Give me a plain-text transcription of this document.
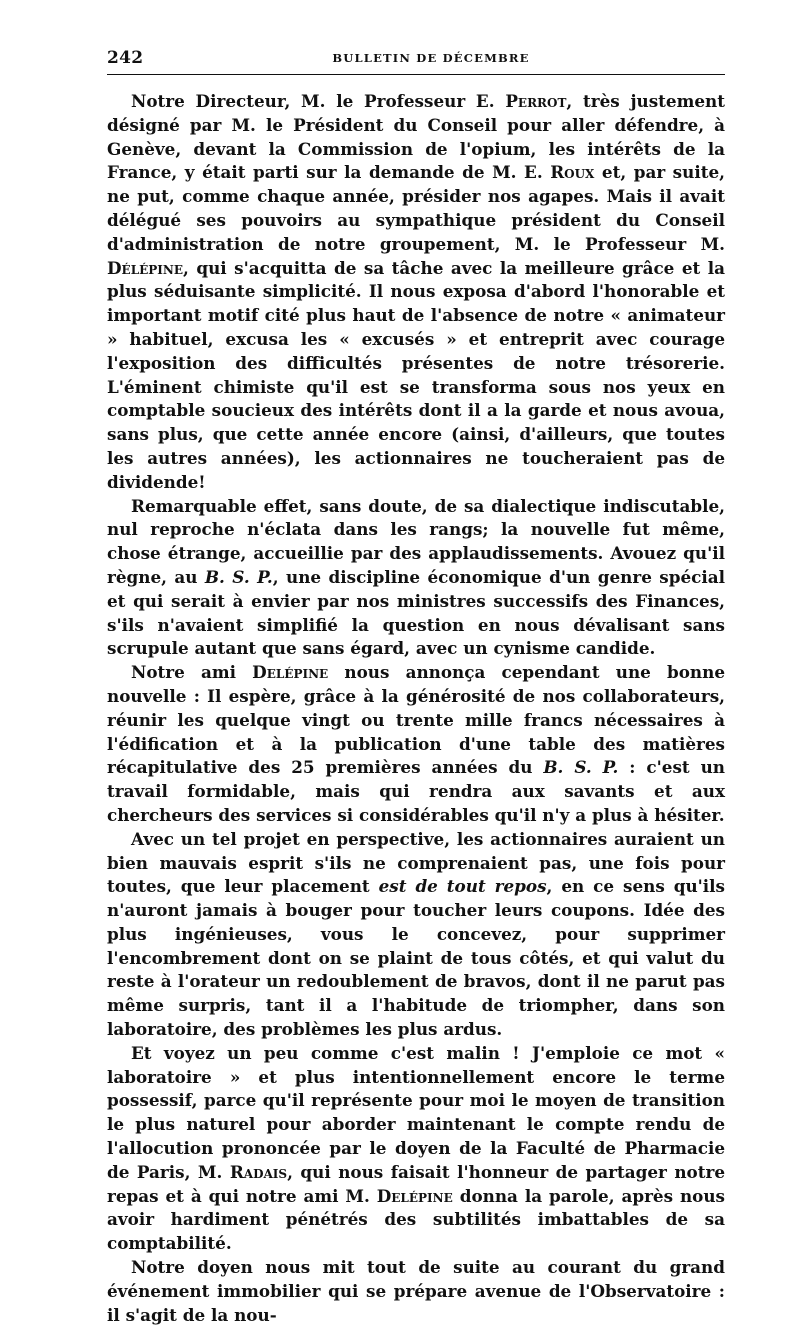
242	BULLETIN DE DÉCEMBRE

Notre Directeur, M. le Professeur E. Perrot, très justement désigné par M. le Président du Conseil pour aller défendre, à Genève, devant la Commission de l'opium, les intérêts de la France, y était parti sur la demande de M. E. Roux et, par suite, ne put, comme chaque année, présider nos agapes. Mais il avait délégué ses pouvoirs au sympathique président du Conseil d'administration de notre groupement, M. le Professeur M. Délépine, qui s'acquitta de sa tâche avec la meilleure grâce et la plus séduisante simplicité. Il nous exposa d'abord l'honorable et important motif cité plus haut de l'absence de notre « animateur » habituel, excusa les « excusés » et entreprit avec courage l'exposition des difficultés présentes de notre trésorerie. L'éminent chimiste qu'il est se transforma sous nos yeux en comptable soucieux des intérêts dont il a la garde et nous avoua, sans plus, que cette année encore (ainsi, d'ailleurs, que toutes les autres années), les actionnaires ne toucheraient pas de dividende!

Remarquable effet, sans doute, de sa dialectique indiscutable, nul reproche n'éclata dans les rangs; la nouvelle fut même, chose étrange, accueillie par des applaudissements. Avouez qu'il règne, au B. S. P., une discipline économique d'un genre spécial et qui serait à envier par nos ministres successifs des Finances, s'ils n'avaient simplifié la question en nous dévalisant sans scrupule autant que sans égard, avec un cynisme candide.

Notre ami Delépine nous annonça cependant une bonne nouvelle : Il espère, grâce à la générosité de nos collaborateurs, réunir les quelque vingt ou trente mille francs nécessaires à l'édification et à la publication d'une table des matières récapitulative des 25 premières années du B. S. P. : c'est un travail formidable, mais qui rendra aux savants et aux chercheurs des services si considérables qu'il n'y a plus à hésiter.

Avec un tel projet en perspective, les actionnaires auraient un bien mauvais esprit s'ils ne comprenaient pas, une fois pour toutes, que leur placement est de tout repos, en ce sens qu'ils n'auront jamais à bouger pour toucher leurs coupons. Idée des plus ingénieuses, vous le concevez, pour supprimer l'encombrement dont on se plaint de tous côtés, et qui valut du reste à l'orateur un redoublement de bravos, dont il ne parut pas même surpris, tant il a l'habitude de triompher, dans son laboratoire, des problèmes les plus ardus.

Et voyez un peu comme c'est malin ! J'emploie ce mot « laboratoire » et plus intentionnellement encore le terme possessif, parce qu'il représente pour moi le moyen de transition le plus naturel pour aborder maintenant le compte rendu de l'allocution prononcée par le doyen de la Faculté de Pharmacie de Paris, M. Radais, qui nous faisait l'honneur de partager notre repas et à qui notre ami M. Delépine donna la parole, après nous avoir hardiment pénétrés des subtilités imbattables de sa comptabilité.

Notre doyen nous mit tout de suite au courant du grand événement immobilier qui se prépare avenue de l'Observatoire : il s'agit de la nou-
